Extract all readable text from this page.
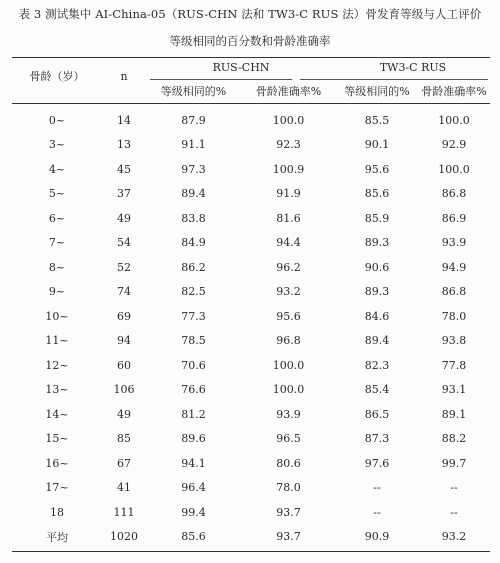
表 3 测试集中 AI-China-05（RUS-CHN 法和 TW3-C RUS 法）骨发育等级与人工评价
等级相同的百分数和骨龄准确率
骨龄（岁）	n
RUS-CHN	TW3-C RUS
等级相同的%	骨龄准确率%	等级相同的%	骨龄准确率%
0~	14	87.9	100.0	85.5	100.0
3~	13	91.1	92.3	90.1	92.9
4~	45	97.3	100.9	95.6	100.0
5~	37	89.4	91.9	85.6	86.8
6~	49	83.8	81.6	85.9	86.9
7~	54	84.9	94.4	89.3	93.9
8~	52	86.2	96.2	90.6	94.9
9~	74	82.5	93.2	89.3	86.8
10~	69	77.3	95.6	84.6	78.0
11~	94	78.5	96.8	89.4	93.8
12~	60	70.6	100.0	82.3	77.8
13~	106	76.6	100.0	85.4	93.1
14~	49	81.2	93.9	86.5	89.1
15~	85	89.6	96.5	87.3	88.2
16~	67	94.1	80.6	97.6	99.7
17~	41	96.4	78.0	--	--
18	111	99.4	93.7	--	--
平均	1020	85.6	93.7	90.9	93.2
